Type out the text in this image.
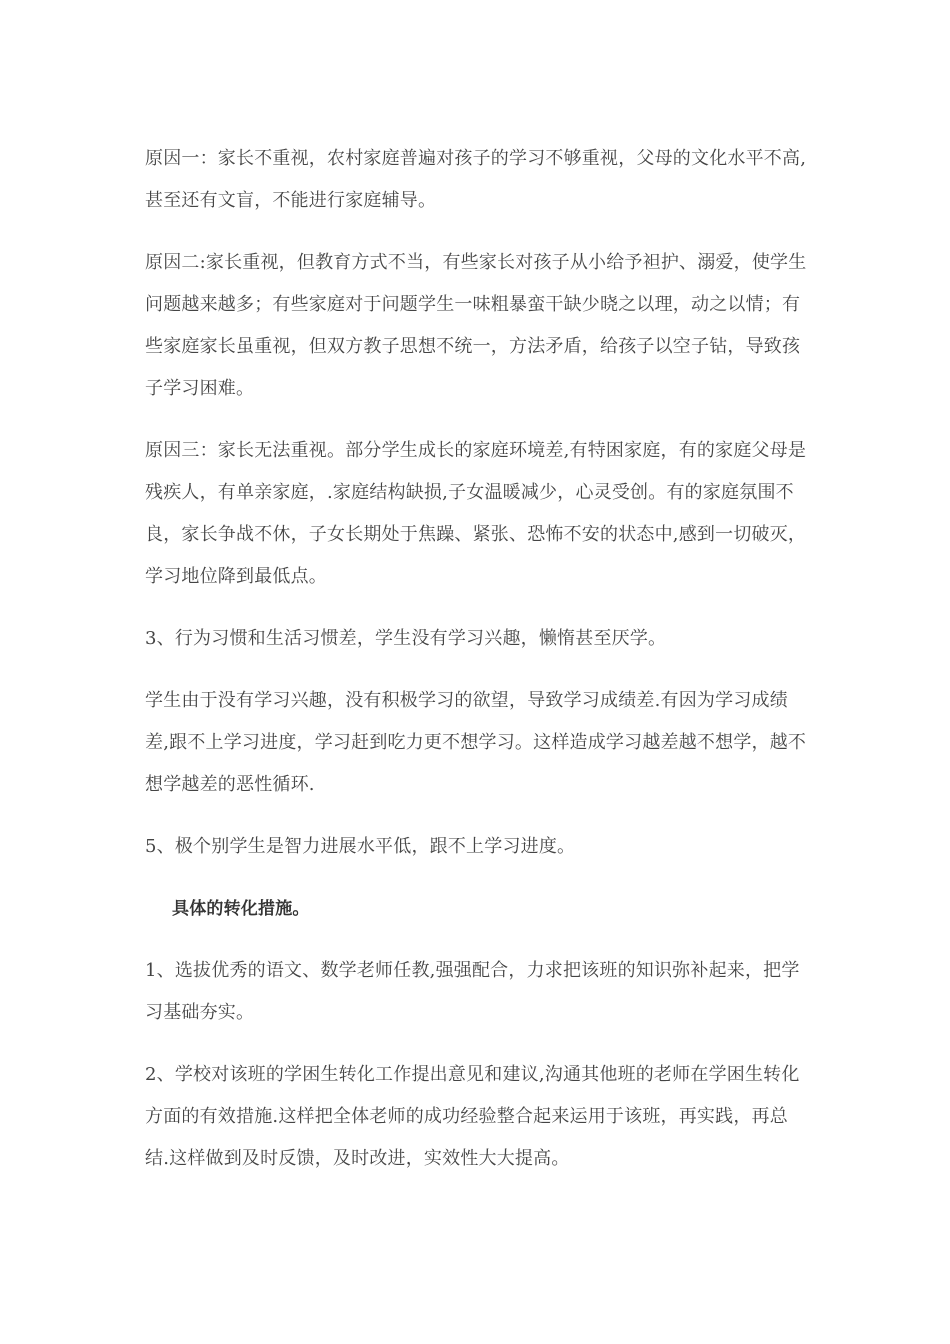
原因一：家长不重视，农村家庭普遍对孩子的学习不够重视，父母的文化水平不高,甚至还有文盲，不能进行家庭辅导。

原因二:家长重视，但教育方式不当，有些家长对孩子从小给予袒护、溺爱，使学生问题越来越多；有些家庭对于问题学生一味粗暴蛮干缺少晓之以理，动之以情；有些家庭家长虽重视，但双方教子思想不统一，方法矛盾，给孩子以空子钻，导致孩子学习困难。

原因三：家长无法重视。部分学生成长的家庭环境差,有特困家庭，有的家庭父母是残疾人，有单亲家庭，.家庭结构缺损,子女温暖减少，心灵受创。有的家庭氛围不良，家长争战不休，子女长期处于焦躁、紧张、恐怖不安的状态中,感到一切破灭，学习地位降到最低点。

3、行为习惯和生活习惯差，学生没有学习兴趣，懒惰甚至厌学。

学生由于没有学习兴趣，没有积极学习的欲望，导致学习成绩差.有因为学习成绩差,跟不上学习进度，学习赶到吃力更不想学习。这样造成学习越差越不想学，越不想学越差的恶性循环.

5、极个别学生是智力进展水平低，跟不上学习进度。

具体的转化措施。

1、选拔优秀的语文、数学老师任教,强强配合，力求把该班的知识弥补起来，把学习基础夯实。

2、学校对该班的学困生转化工作提出意见和建议,沟通其他班的老师在学困生转化方面的有效措施.这样把全体老师的成功经验整合起来运用于该班，再实践，再总结.这样做到及时反馈，及时改进，实效性大大提高。
